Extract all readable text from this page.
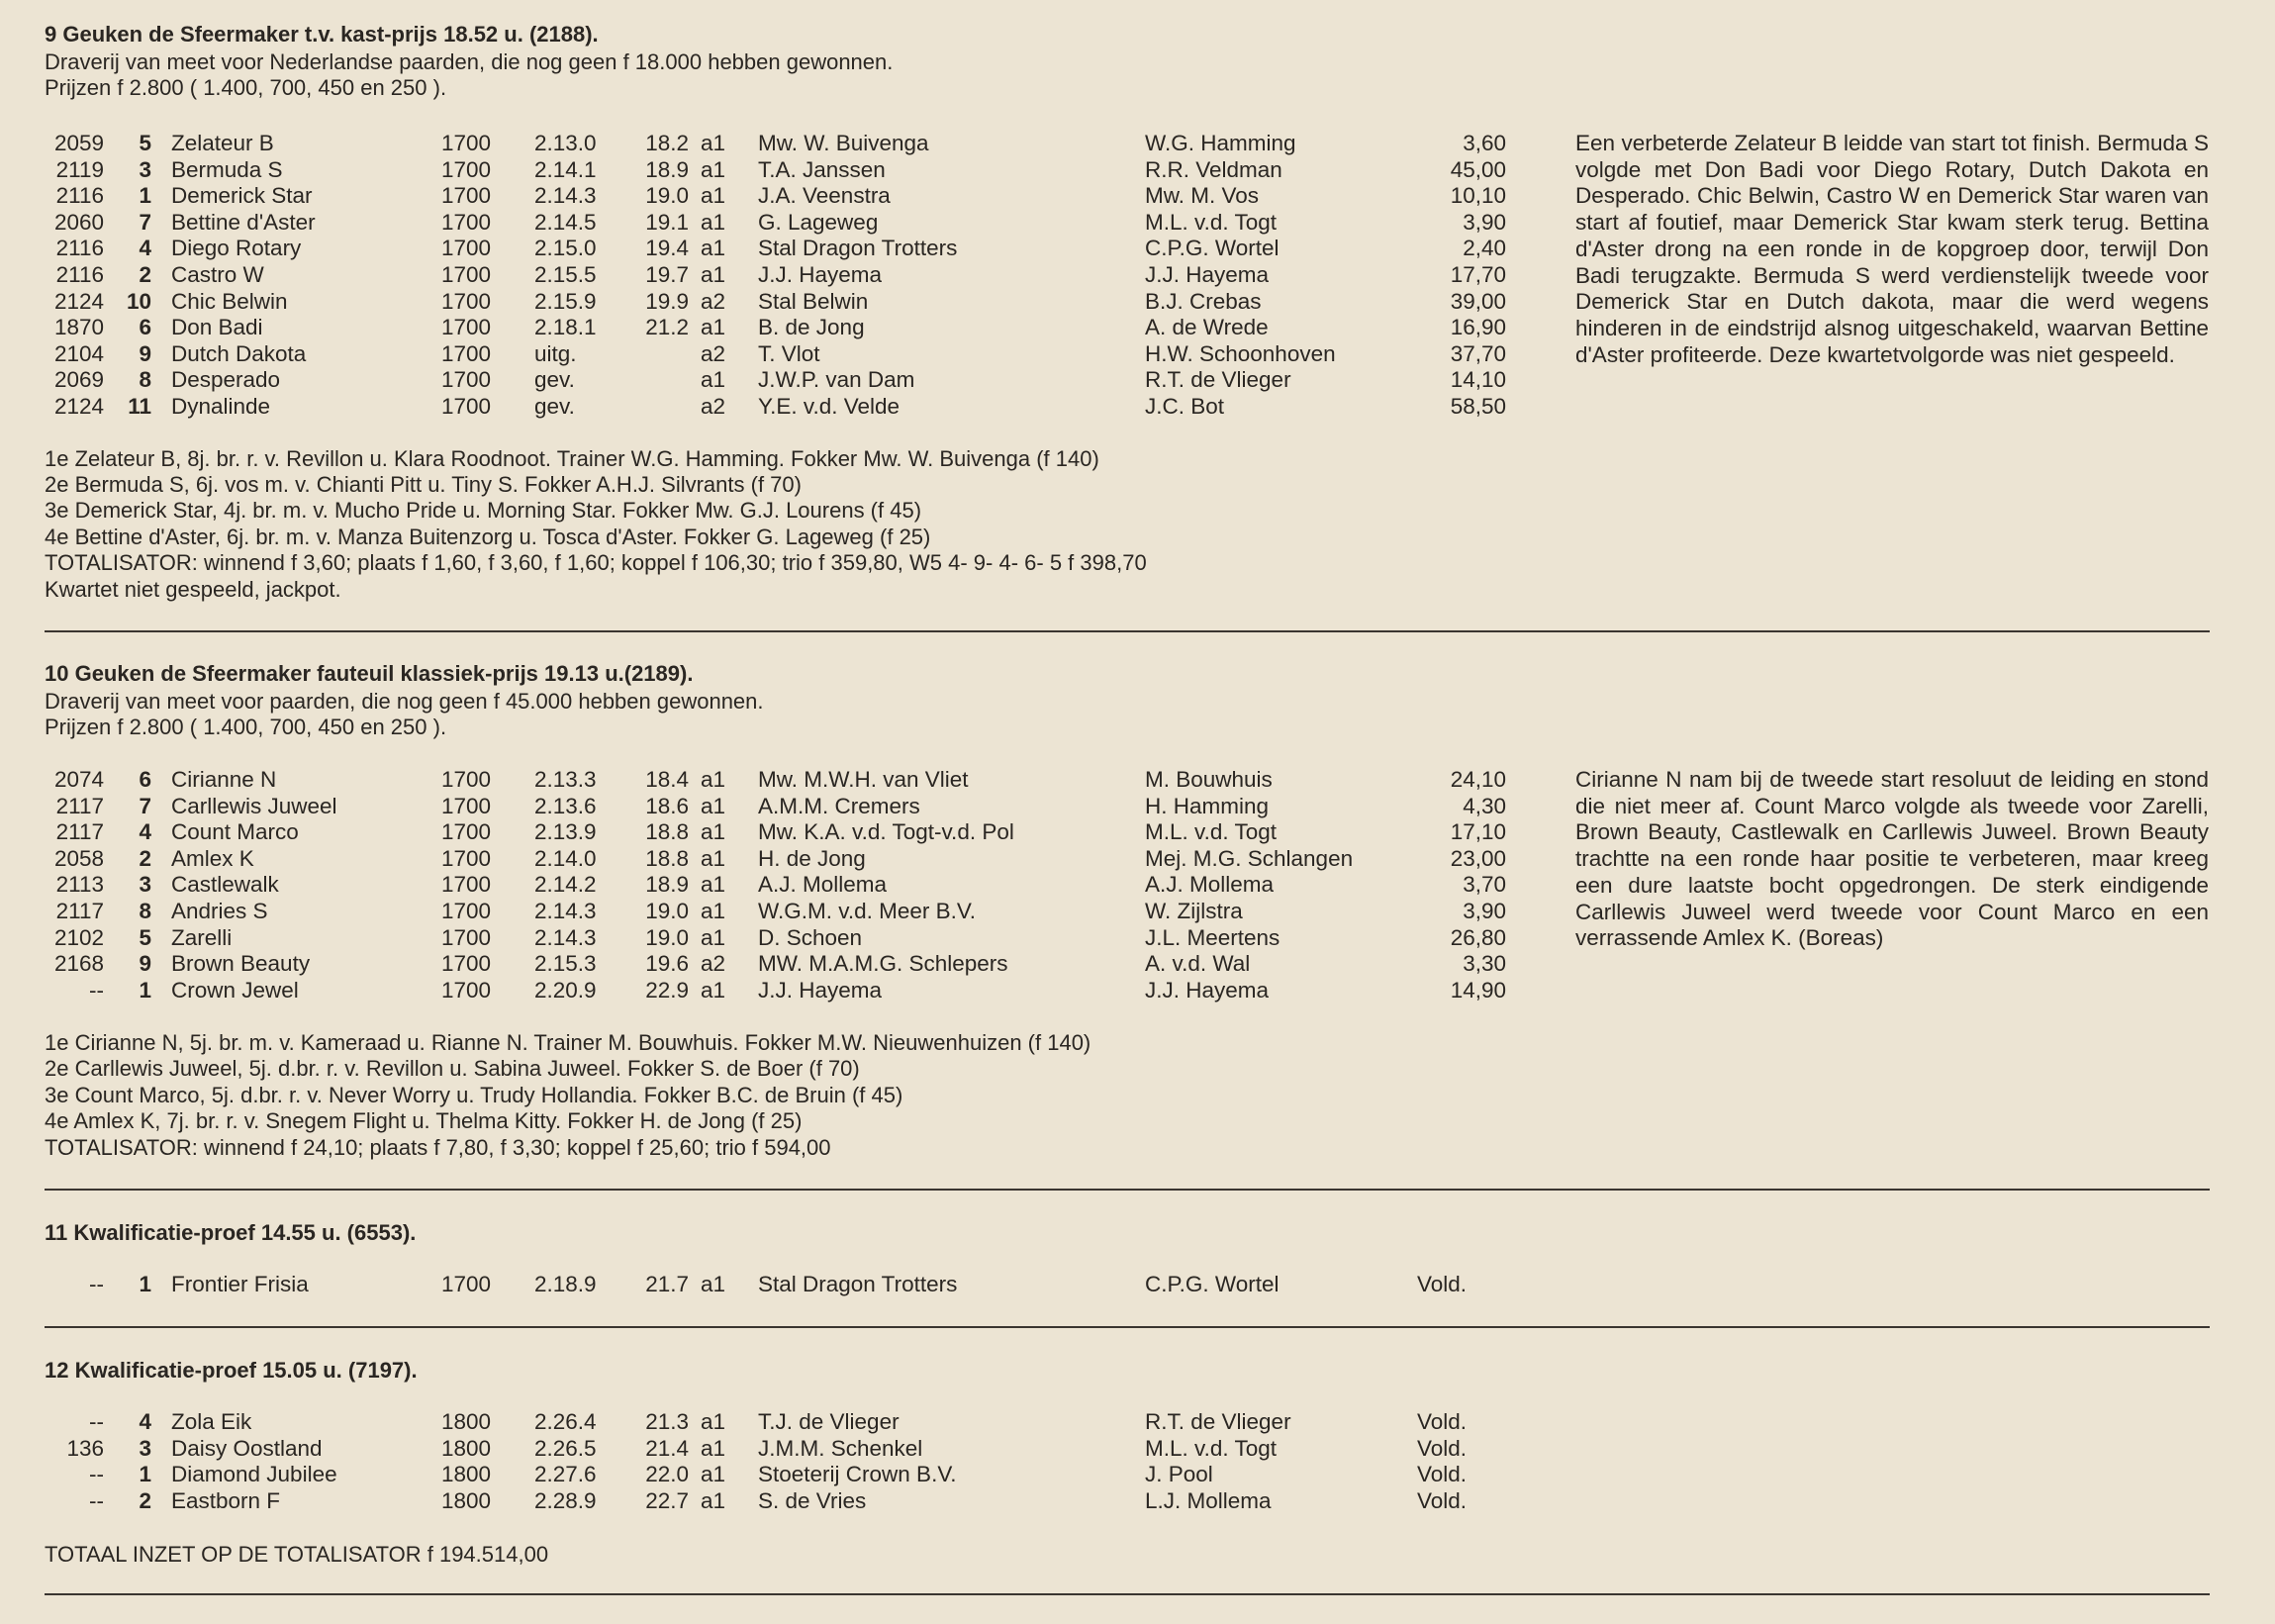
9 Geuken de Sfeermaker t.v. kast-prijs 18.52 u. (2188).
Draverij van meet voor Nederlandse paarden, die nog geen f 18.000 hebben gewonnen.
Prijzen f 2.800 ( 1.400, 700, 450 en 250 ).
2059	5 Zelateur B	1700 2.13.0	18.2 a1 Mw. W. Buivenga	W.G. Hamming	3,60
2119	3 Bermuda S	1700 2.14.1	18.9 a1 T.A. Janssen	R.R. Veldman	45,00
2116	1 Demerick Star	1700 2.14.3	19.0 a1 J.A. Veenstra	Mw. M. Vos	10,10
2060	7 Bettine d'Aster	1700 2.14.5	19.1 a1 G. Lageweg	M.L. v.d. Togt	3,90
2116	4 Diego Rotary	1700 2.15.0	19.4 a1 Stal Dragon Trotters	C.P.G. Wortel	2,40
2116	2 Castro W	1700 2.15.5	19.7 a1 J.J. Hayema	J.J. Hayema	17,70
2124	10 Chic Belwin	1700 2.15.9	19.9 a2 Stal Belwin	B.J. Crebas	39,00
1870	6 Don Badi	1700 2.18.1	21.2 a1 B. de Jong	A. de Wrede	16,90
2104	9 Dutch Dakota	1700 uitg.	a2 T. Vlot	H.W. Schoonhoven	37,70
2069	8 Desperado	1700 gev.	a1 J.W.P. van Dam	R.T. de Vlieger	14,10
2124	11 Dynalinde	1700 gev.	a2 Y.E. v.d. Velde	J.C. Bot	58,50
1e Zelateur B, 8j. br. r. v. Revillon u. Klara Roodnoot. Trainer W.G. Hamming. Fokker Mw. W. Buivenga (f 140)
2e Bermuda S, 6j. vos m. v. Chianti Pitt u. Tiny S. Fokker A.H.J. Silvrants (f 70)
3e Demerick Star, 4j. br. m. v. Mucho Pride u. Morning Star. Fokker Mw. G.J. Lourens (f 45)
4e Bettine d'Aster, 6j. br. m. v. Manza Buitenzorg u. Tosca d'Aster. Fokker G. Lageweg (f 25)
TOTALISATOR: winnend f 3,60; plaats f 1,60, f 3,60, f 1,60; koppel f 106,30; trio f 359,80, W5 4- 9- 4- 6- 5 f 398,70
Kwartet niet gespeeld, jackpot.
Een verbeterde Zelateur B leidde van start tot finish. Bermuda S volgde met Don Badi voor Diego Rotary, Dutch Dakota en Desperado. Chic Belwin, Castro W en Demerick Star waren van start af foutief, maar Demerick Star kwam sterk terug. Bettina d'Aster drong na een ronde in de kopgroep door, terwijl Don Badi terugzakte. Bermuda S werd verdienstelijk tweede voor Demerick Star en Dutch dakota, maar die werd wegens hinderen in de eindstrijd alsnog uitgeschakeld, waarvan Bettine d'Aster profiteerde. Deze kwartetvolgorde was niet gespeeld.
10 Geuken de Sfeermaker fauteuil klassiek-prijs 19.13 u.(2189).
Draverij van meet voor paarden, die nog geen f 45.000 hebben gewonnen.
Prijzen f 2.800 ( 1.400, 700, 450 en 250 ).
2074	6 Cirianne N	1700 2.13.3	18.4 a1 Mw. M.W.H. van Vliet	M. Bouwhuis	24,10
2117	7 Carllewis Juweel	1700 2.13.6	18.6 a1 A.M.M. Cremers	H. Hamming	4,30
2117	4 Count Marco	1700 2.13.9	18.8 a1 Mw. K.A. v.d. Togt-v.d. Pol	M.L. v.d. Togt	17,10
2058	2 Amlex K	1700 2.14.0	18.8 a1 H. de Jong	Mej. M.G. Schlangen	23,00
2113	3 Castlewalk	1700 2.14.2	18.9 a1 A.J. Mollema	A.J. Mollema	3,70
2117	8 Andries S	1700 2.14.3	19.0 a1 W.G.M. v.d. Meer B.V.	W. Zijlstra	3,90
2102	5 Zarelli	1700 2.14.3	19.0 a1 D. Schoen	J.L. Meertens	26,80
2168	9 Brown Beauty	1700 2.15.3	19.6 a2 MW. M.A.M.G. Schlepers	A. v.d. Wal	3,30
--	1 Crown Jewel	1700 2.20.9	22.9 a1 J.J. Hayema	J.J. Hayema	14,90
1e Cirianne N, 5j. br. m. v. Kameraad u. Rianne N. Trainer M. Bouwhuis. Fokker M.W. Nieuwenhuizen (f 140)
2e Carllewis Juweel, 5j. d.br. r. v. Revillon u. Sabina Juweel. Fokker S. de Boer (f 70)
3e Count Marco, 5j. d.br. r. v. Never Worry u. Trudy Hollandia. Fokker B.C. de Bruin (f 45)
4e Amlex K, 7j. br. r. v. Snegem Flight u. Thelma Kitty. Fokker H. de Jong (f 25)
TOTALISATOR: winnend f 24,10; plaats f 7,80, f 3,30; koppel f 25,60; trio f 594,00
Cirianne N nam bij de tweede start resoluut de leiding en stond die niet meer af. Count Marco volgde als tweede voor Zarelli, Brown Beauty, Castlewalk en Carllewis Juweel. Brown Beauty trachtte na een ronde haar positie te verbeteren, maar kreeg een dure laatste bocht opgedrongen. De sterk eindigende Carllewis Juweel werd tweede voor Count Marco en een verrassende Amlex K. (Boreas)
11 Kwalificatie-proef 14.55 u. (6553).
--	1 Frontier Frisia	1700 2.18.9	21.7 a1 Stal Dragon Trotters	C.P.G. Wortel	Vold.
12 Kwalificatie-proef 15.05 u. (7197).
--	4 Zola Eik	1800 2.26.4	21.3 a1 T.J. de Vlieger	R.T. de Vlieger	Vold.
136	3 Daisy Oostland	1800 2.26.5	21.4 a1 J.M.M. Schenkel	M.L. v.d. Togt	Vold.
--	1 Diamond Jubilee	1800 2.27.6	22.0 a1 Stoeterij Crown B.V.	J. Pool	Vold.
--	2 Eastborn F	1800 2.28.9	22.7 a1 S. de Vries	L.J. Mollema	Vold.
TOTAAL INZET OP DE TOTALISATOR f 194.514,00
